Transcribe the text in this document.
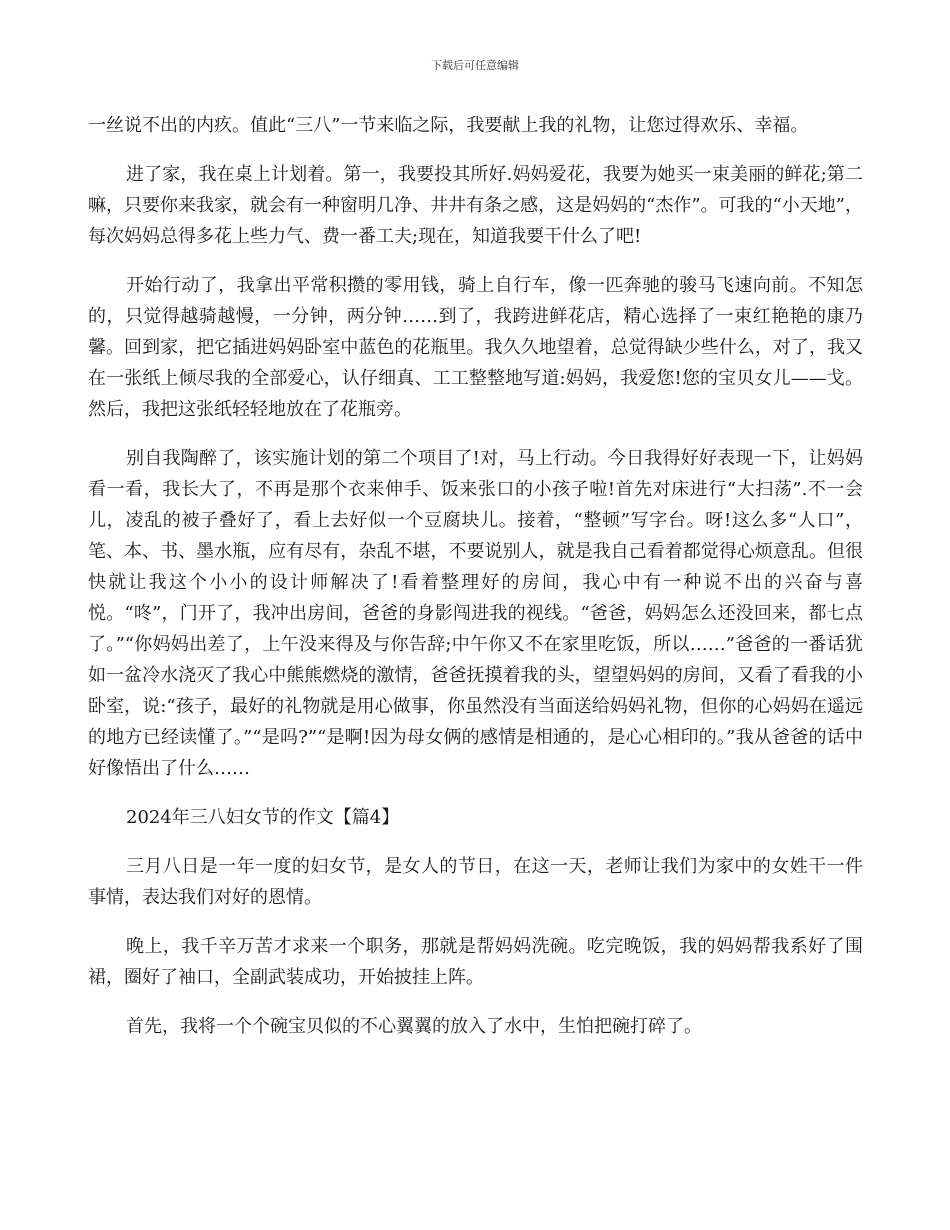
下载后可任意编辑

一丝说不出的内疚。值此“三八”一节来临之际，我要献上我的礼物，让您过得欢乐、幸福。

进了家，我在桌上计划着。第一，我要投其所好.妈妈爱花，我要为她买一束美丽的鲜花;第二嘛，只要你来我家，就会有一种窗明几净、井井有条之感，这是妈妈的“杰作”。可我的“小天地”，每次妈妈总得多花上些力气、费一番工夫;现在，知道我要干什么了吧!

开始行动了，我拿出平常积攒的零用钱，骑上自行车，像一匹奔驰的骏马飞速向前。不知怎的，只觉得越骑越慢，一分钟，两分钟……到了，我跨进鲜花店，精心选择了一束红艳艳的康乃馨。回到家，把它插进妈妈卧室中蓝色的花瓶里。我久久地望着，总觉得缺少些什么，对了，我又在一张纸上倾尽我的全部爱心，认仔细真、工工整整地写道:妈妈，我爱您!您的宝贝女儿——戈。然后，我把这张纸轻轻地放在了花瓶旁。

别自我陶醉了，该实施计划的第二个项目了!对，马上行动。今日我得好好表现一下，让妈妈看一看，我长大了，不再是那个衣来伸手、饭来张口的小孩子啦!首先对床进行“大扫荡”.不一会儿，凌乱的被子叠好了，看上去好似一个豆腐块儿。接着，“整顿”写字台。呀!这么多“人口”，笔、本、书、墨水瓶，应有尽有，杂乱不堪，不要说别人，就是我自己看着都觉得心烦意乱。但很快就让我这个小小的设计师解决了!看着整理好的房间，我心中有一种说不出的兴奋与喜悦。“咚”，门开了，我冲出房间，爸爸的身影闯进我的视线。“爸爸，妈妈怎么还没回来，都七点了。”“你妈妈出差了，上午没来得及与你告辞;中午你又不在家里吃饭，所以……”爸爸的一番话犹如一盆冷水浇灭了我心中熊熊燃烧的激情，爸爸抚摸着我的头，望望妈妈的房间，又看了看我的小卧室，说:“孩子，最好的礼物就是用心做事，你虽然没有当面送给妈妈礼物，但你的心妈妈在遥远的地方已经读懂了。”“是吗?”“是啊!因为母女俩的感情是相通的，是心心相印的。”我从爸爸的话中好像悟出了什么……

2024年三八妇女节的作文【篇4】

三月八日是一年一度的妇女节，是女人的节日，在这一天，老师让我们为家中的女姓干一件事情，表达我们对好的恩情。

晚上，我千辛万苦才求来一个职务，那就是帮妈妈洗碗。吃完晚饭，我的妈妈帮我系好了围裙，圈好了袖口，全副武装成功，开始披挂上阵。

首先，我将一个个碗宝贝似的不心翼翼的放入了水中，生怕把碗打碎了。
